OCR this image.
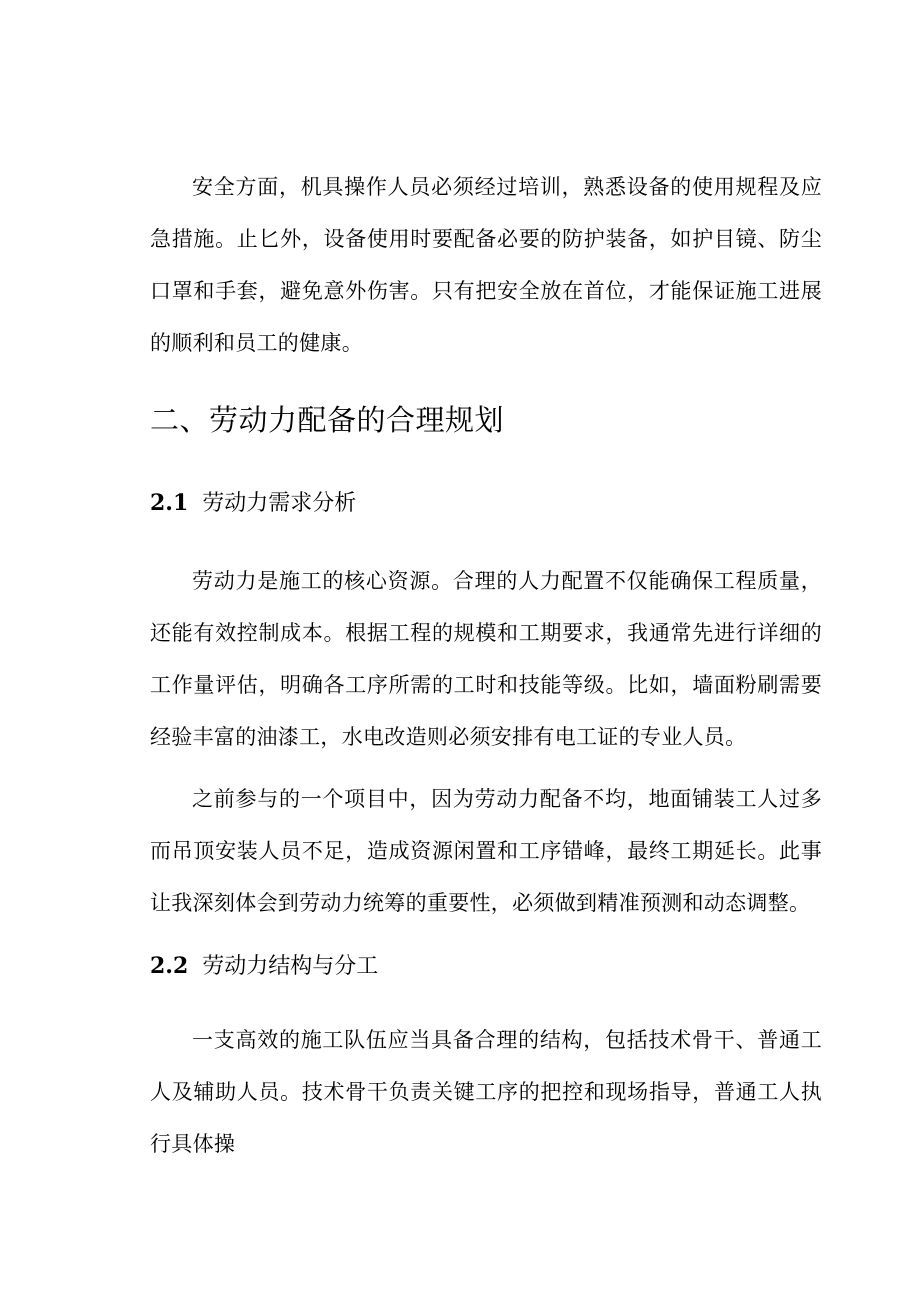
安全方面，机具操作人员必须经过培训，熟悉设备的使用规程及应急措施。止匕外，设备使用时要配备必要的防护装备，如护目镜、防尘口罩和手套，避免意外伤害。只有把安全放在首位，才能保证施工进展的顺利和员工的健康。

二、劳动力配备的合理规划
2.1 劳动力需求分析

劳动力是施工的核心资源。合理的人力配置不仅能确保工程质量，还能有效控制成本。根据工程的规模和工期要求，我通常先进行详细的工作量评估，明确各工序所需的工时和技能等级。比如，墙面粉刷需要经验丰富的油漆工，水电改造则必须安排有电工证的专业人员。

之前参与的一个项目中，因为劳动力配备不均，地面铺装工人过多而吊顶安装人员不足，造成资源闲置和工序错峰，最终工期延长。此事让我深刻体会到劳动力统筹的重要性，必须做到精准预测和动态调整。

2.2 劳动力结构与分工

一支高效的施工队伍应当具备合理的结构，包括技术骨干、普通工人及辅助人员。技术骨干负责关键工序的把控和现场指导，普通工人执行具体操
